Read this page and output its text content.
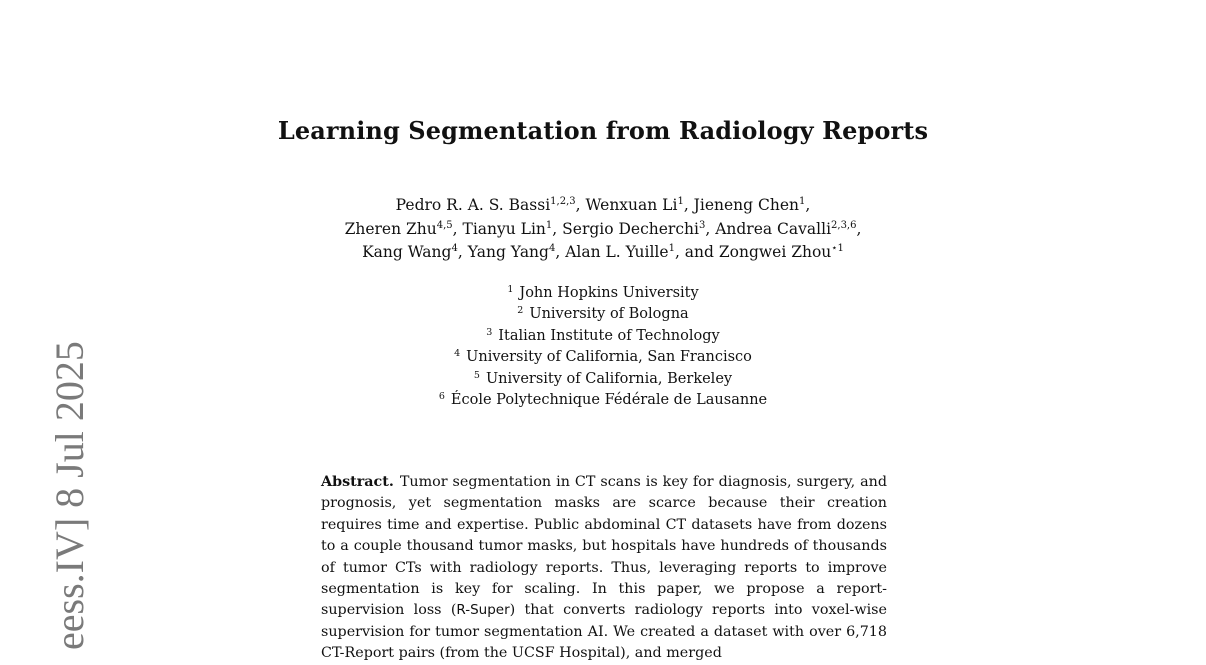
eess.IV] 8 Jul 2025
Learning Segmentation from Radiology Reports
Pedro R. A. S. Bassi$^{1,2,3}$, Wenxuan Li$^1$, Jieneng Chen$^1$,
Zheren Zhu$^{4,5}$, Tianyu Lin$^1$, Sergio Decherchi$^3$, Andrea Cavalli$^{2,3,6}$,
Kang Wang$^4$, Yang Yang$^4$, Alan L. Yuille$^1$, and Zongwei Zhou$^{⋆1}$
$^1$ John Hopkins University
$^2$ University of Bologna
$^3$ Italian Institute of Technology
$^4$ University of California, San Francisco
$^5$ University of California, Berkeley
$^6$ École Polytechnique Fédérale de Lausanne
Abstract. Tumor segmentation in CT scans is key for diagnosis, surgery, and prognosis, yet segmentation masks are scarce because their creation requires time and expertise. Public abdominal CT datasets have from dozens to a couple thousand tumor masks, but hospitals have hundreds of thousands of tumor CTs with radiology reports. Thus, leveraging reports to improve segmentation is key for scaling. In this paper, we propose a report-supervision loss (R-Super) that converts radiology reports into voxel-wise supervision for tumor segmentation AI. We created a dataset with over 6,718 CT-Report pairs (from the UCSF Hospital), and merged
